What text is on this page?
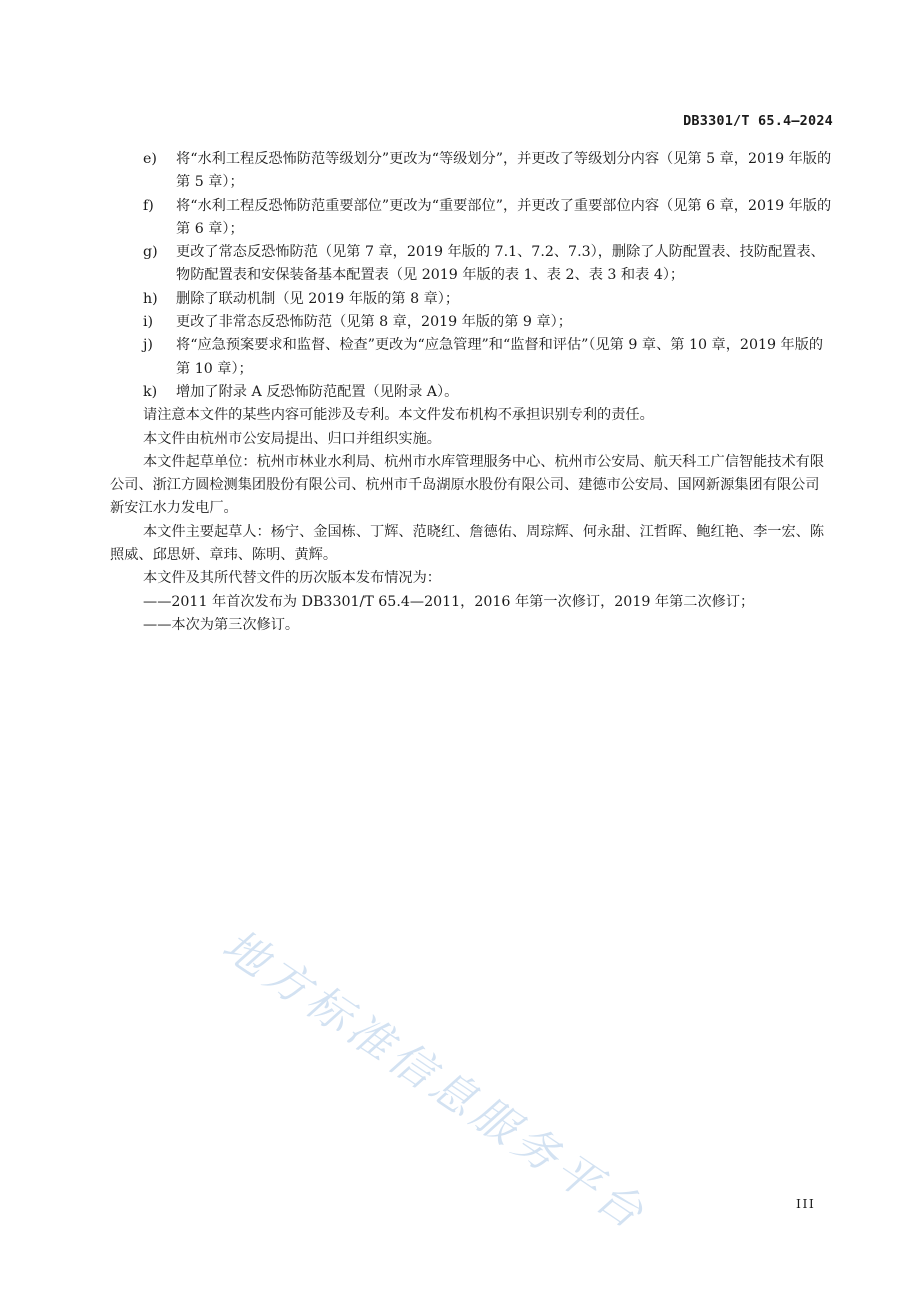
DB3301/T 65.4—2024
e) 将“水利工程反恐怖防范等级划分”更改为“等级划分”，并更改了等级划分内容（见第 5 章，2019 年版的第 5 章）；
f) 将“水利工程反恐怖防范重要部位”更改为“重要部位”，并更改了重要部位内容（见第 6 章，2019 年版的第 6 章）；
g) 更改了常态反恐怖防范（见第 7 章，2019 年版的 7.1、7.2、7.3），删除了人防配置表、技防配置表、物防配置表和安保装备基本配置表（见 2019 年版的表 1、表 2、表 3 和表 4）；
h) 删除了联动机制（见 2019 年版的第 8 章）；
i) 更改了非常态反恐怖防范（见第 8 章，2019 年版的第 9 章）；
j) 将“应急预案要求和监督、检查”更改为“应急管理”和“监督和评估”（见第 9 章、第 10 章，2019 年版的第 10 章）；
k) 增加了附录 A 反恐怖防范配置（见附录 A）。

请注意本文件的某些内容可能涉及专利。本文件发布机构不承担识别专利的责任。

本文件由杭州市公安局提出、归口并组织实施。

本文件起草单位：杭州市林业水利局、杭州市水库管理服务中心、杭州市公安局、航天科工广信智能技术有限公司、浙江方圆检测集团股份有限公司、杭州市千岛湖原水股份有限公司、建德市公安局、国网新源集团有限公司新安江水力发电厂。

本文件主要起草人：杨宁、金国栋、丁辉、范晓红、詹德佑、周琮辉、何永甜、江哲晖、鲍红艳、李一宏、陈照威、邱思妍、章玮、陈明、黄辉。

本文件及其所代替文件的历次版本发布情况为：

——2011 年首次发布为 DB3301/T 65.4—2011，2016 年第一次修订，2019 年第二次修订；

——本次为第三次修订。

地方标准信息服务平台	III
